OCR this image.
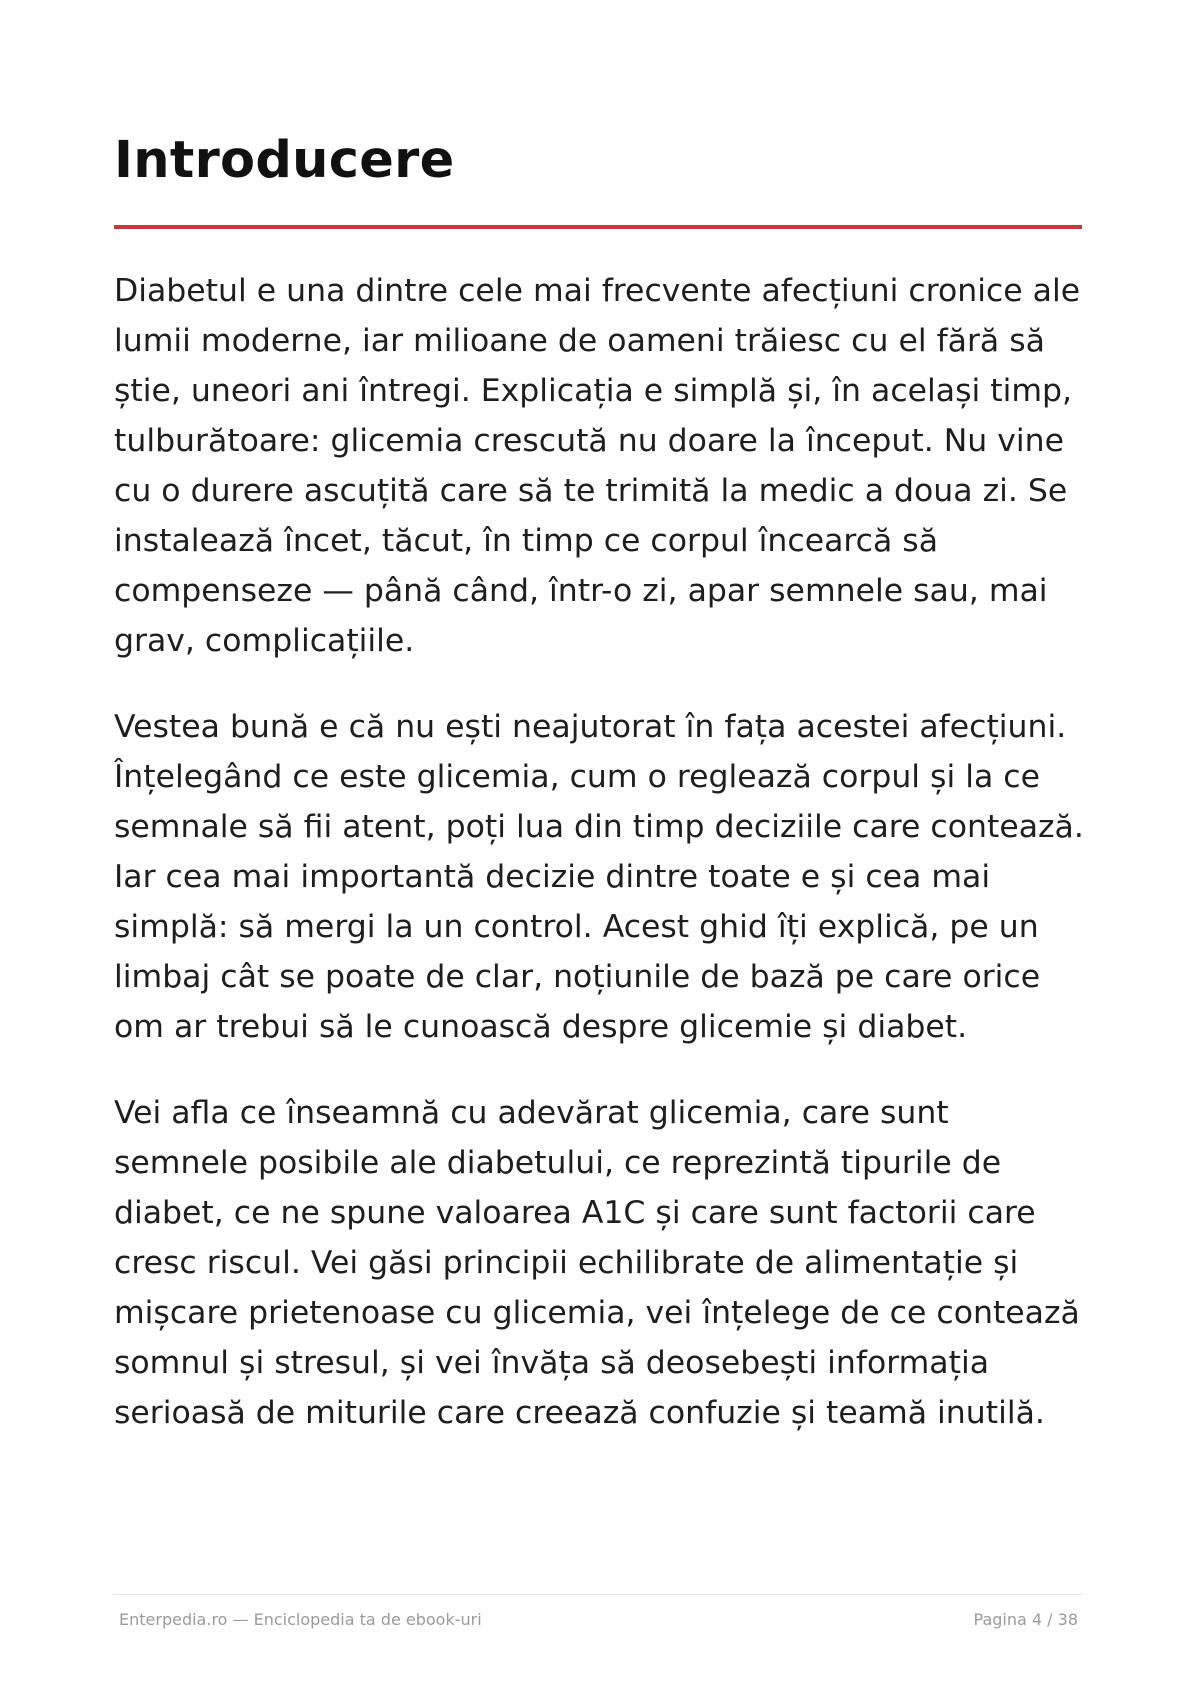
Introducere

Diabetul e una dintre cele mai frecvente afecțiuni cronice ale lumii moderne, iar milioane de oameni trăiesc cu el fără să știe, uneori ani întregi. Explicația e simplă și, în același timp, tulburătoare: glicemia crescută nu doare la început. Nu vine cu o durere ascuțită care să te trimită la medic a doua zi. Se instalează încet, tăcut, în timp ce corpul încearcă să compenseze — până când, într-o zi, apar semnele sau, mai grav, complicațiile.

Vestea bună e că nu ești neajutorat în fața acestei afecțiuni. Înțelegând ce este glicemia, cum o reglează corpul și la ce semnale să fii atent, poți lua din timp deciziile care contează. Iar cea mai importantă decizie dintre toate e și cea mai simplă: să mergi la un control. Acest ghid îți explică, pe un limbaj cât se poate de clar, noțiunile de bază pe care orice om ar trebui să le cunoască despre glicemie și diabet.

Vei afla ce înseamnă cu adevărat glicemia, care sunt semnele posibile ale diabetului, ce reprezintă tipurile de diabet, ce ne spune valoarea A1C și care sunt factorii care cresc riscul. Vei găsi principii echilibrate de alimentație și mișcare prietenoase cu glicemia, vei înțelege de ce contează somnul și stresul, și vei învăța să deosebești informația serioasă de miturile care creează confuzie și teamă inutilă.

Enterpedia.ro — Enciclopedia ta de ebook-uri	Pagina 4 / 38
